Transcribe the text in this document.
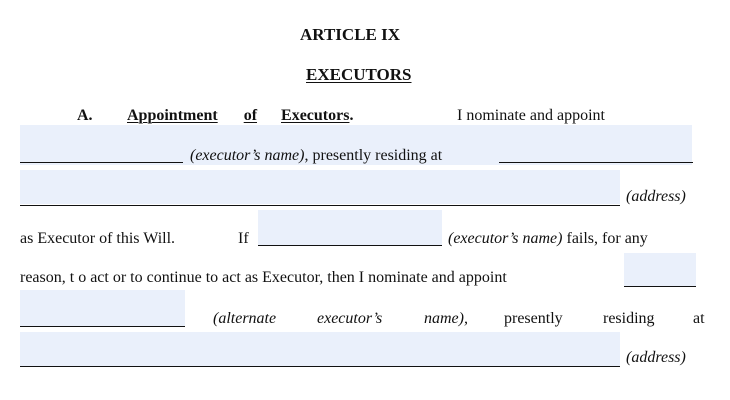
ARTICLE IX
EXECUTORS
A. Appointment of Executors.	I nominate and appoint
(executor’s name), presently residing at
(address)
as Executor of this Will.	If	(executor’s name) fails, for any
reason, t o act or to continue to act as Executor, then I nominate and appoint
(alternate	executor’s	name), presently	residing at
(address)
